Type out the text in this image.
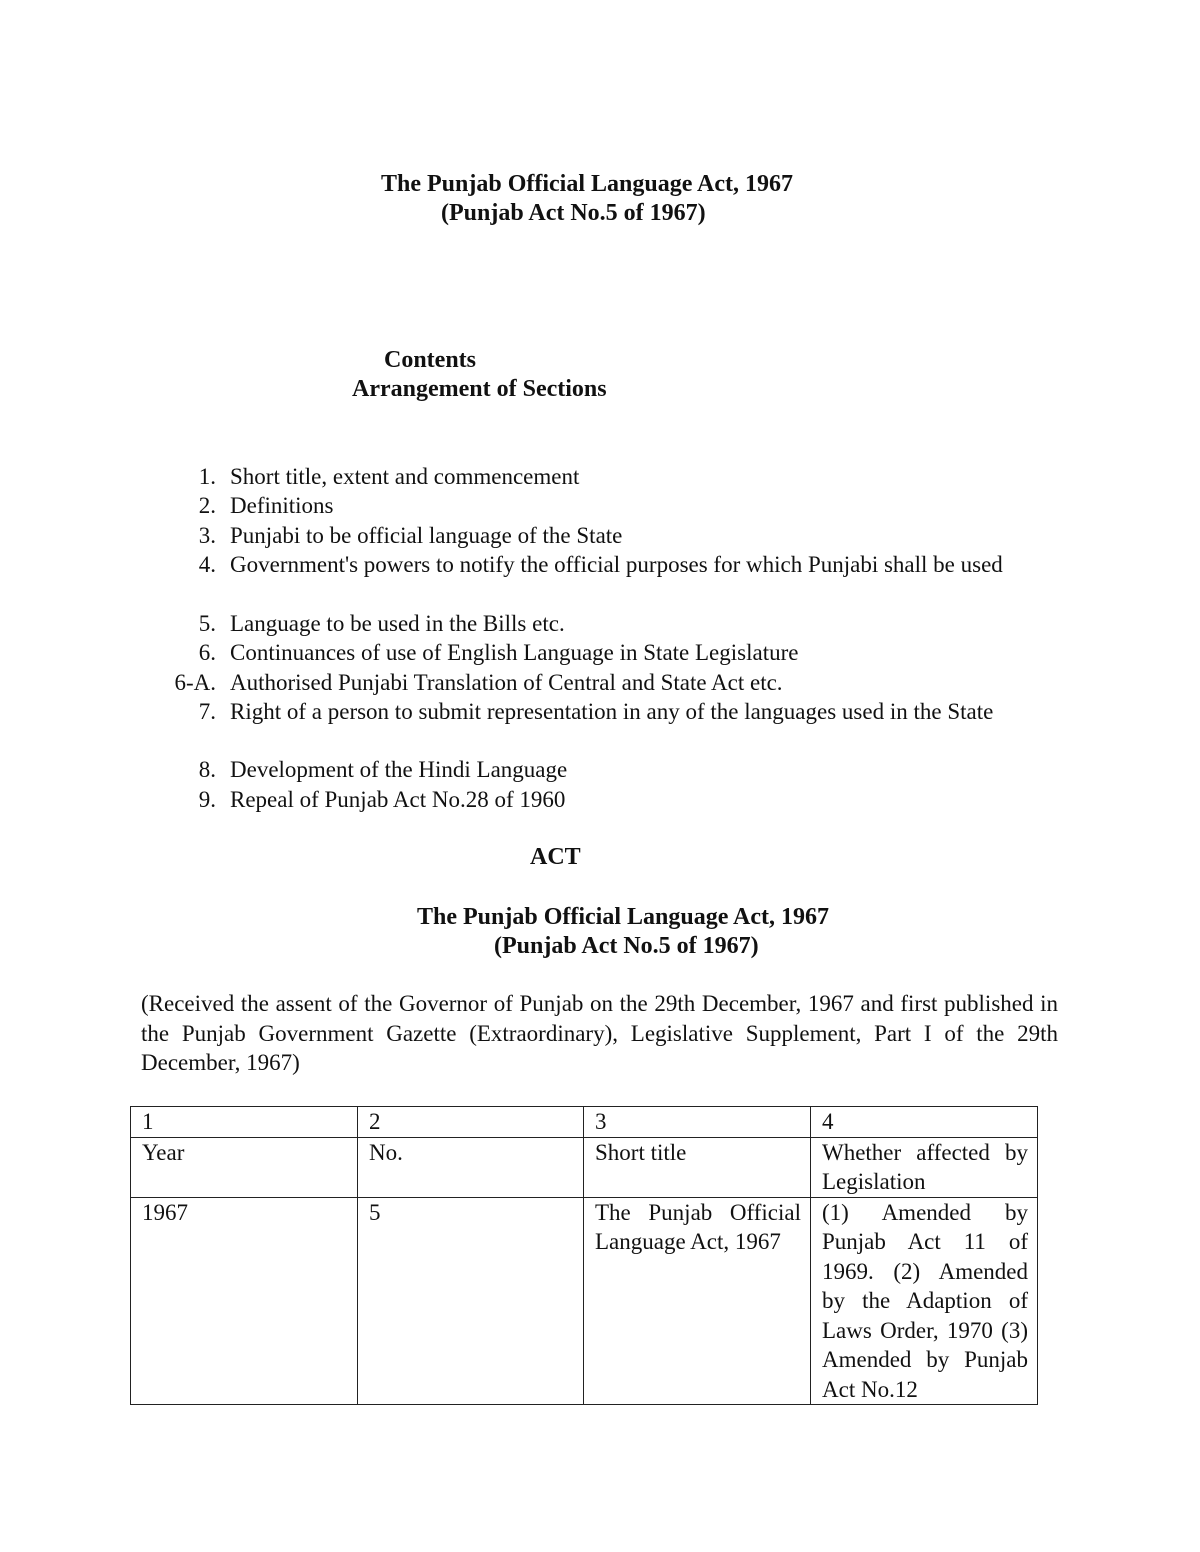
The Punjab Official Language Act, 1967
(Punjab Act No.5 of 1967)
Contents
Arrangement of Sections
1. Short title, extent and commencement
2. Definitions
3. Punjabi to be official language of the State
4. Government's powers to notify the official purposes for which Punjabi shall be used
5. Language to be used in the Bills etc.
6. Continuances of use of English Language in State Legislature
6-A. Authorised Punjabi Translation of Central and State Act etc.
7. Right of a person to submit representation in any of the languages used in the State
8. Development of the Hindi Language
9. Repeal of Punjab Act No.28 of 1960
ACT
The Punjab Official Language Act, 1967
(Punjab Act No.5 of 1967)
(Received the assent of the Governor of Punjab on the 29th December, 1967 and first published in the Punjab Government Gazette (Extraordinary), Legislative Supplement, Part I of the 29th December, 1967)
1	2	3	4
Year	No.	Short title	Whether affected by Legislation
1967	5	The Punjab Official Language Act, 1967	(1) Amended by Punjab Act 11 of 1969. (2) Amended by the Adaption of Laws Order, 1970 (3) Amended by Punjab Act No.12
